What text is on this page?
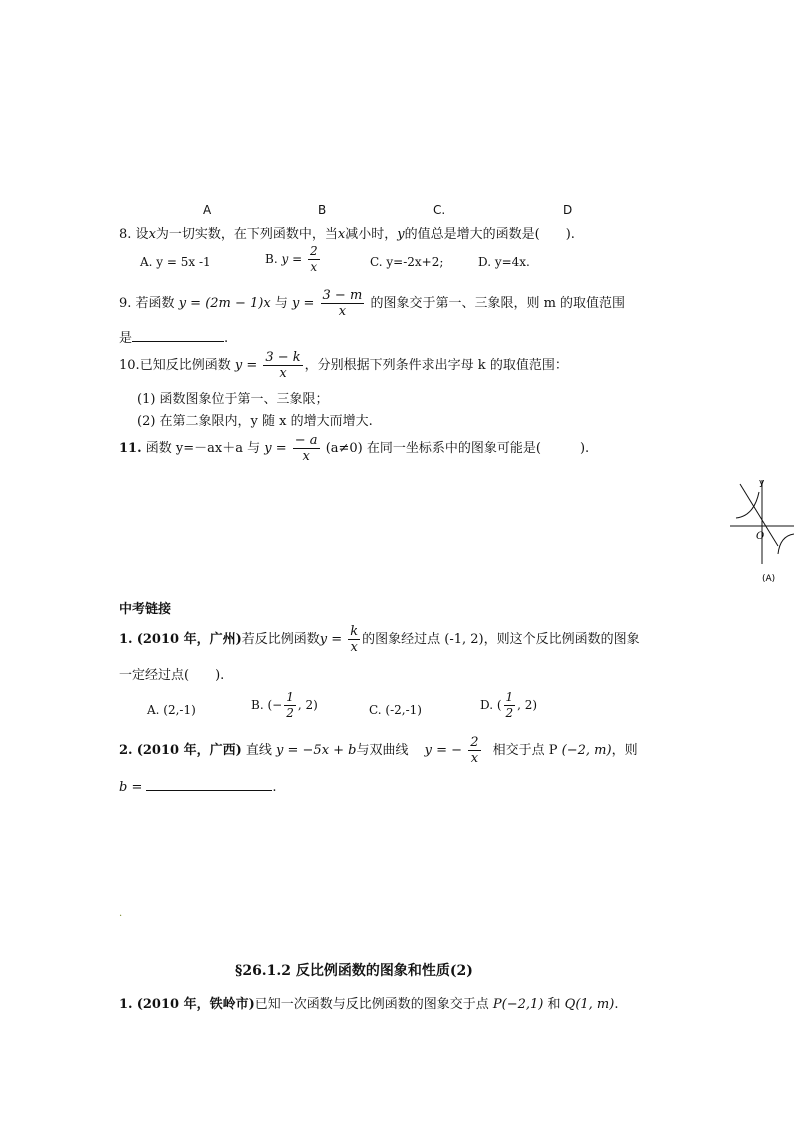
A	B	C.	D
8. 设x为一切实数，在下列函数中，当x减小时，y的值总是增大的函数是(　　).
A. y = 5x -1	B. $y = \frac{2}{x}$	C. y=-2x+2;	D. y=4x.
9. 若函数 y = (2m − 1)x 与 $y = \frac{3 - m}{x}$ 的图象交于第一、三象限，则 m 的取值范围
是	.
10.已知反比例函数 $y = \frac{3 - k}{x}$ ，分别根据下列条件求出字母 k 的取值范围：
(1) 函数图象位于第一、三象限；
(2) 在第二象限内，y 随 x 的增大而增大.
11. 函数 y=－ax＋a 与 $y = \frac{- a}{x} (a\ne 0)$ 在同一坐标系中的图象可能是(　　　).
y
O
(A)
中考链接
1. (2010 年，广州)若反比例函数$y = \frac{k}{x}$ 的图象经过点 (-1, 2)，则这个反比例函数的图象
一定经过点(　　).
A. (2,-1)	B. (− $\frac{1}{2}$ , 2)	C. (-2,-1)	D. ( $\frac{1}{2}$ , 2)
2. (2010 年，广西) 直线 y = −5x + b与双曲线 y = − $\frac{2}{x}$ 相交于点 P (−2, m)，则
b =	.
.
§26.1.2 反比例函数的图象和性质(2)
1. (2010 年，铁岭市)已知一次函数与反比例函数的图象交于点 P(−2,1) 和 Q(1, m).
